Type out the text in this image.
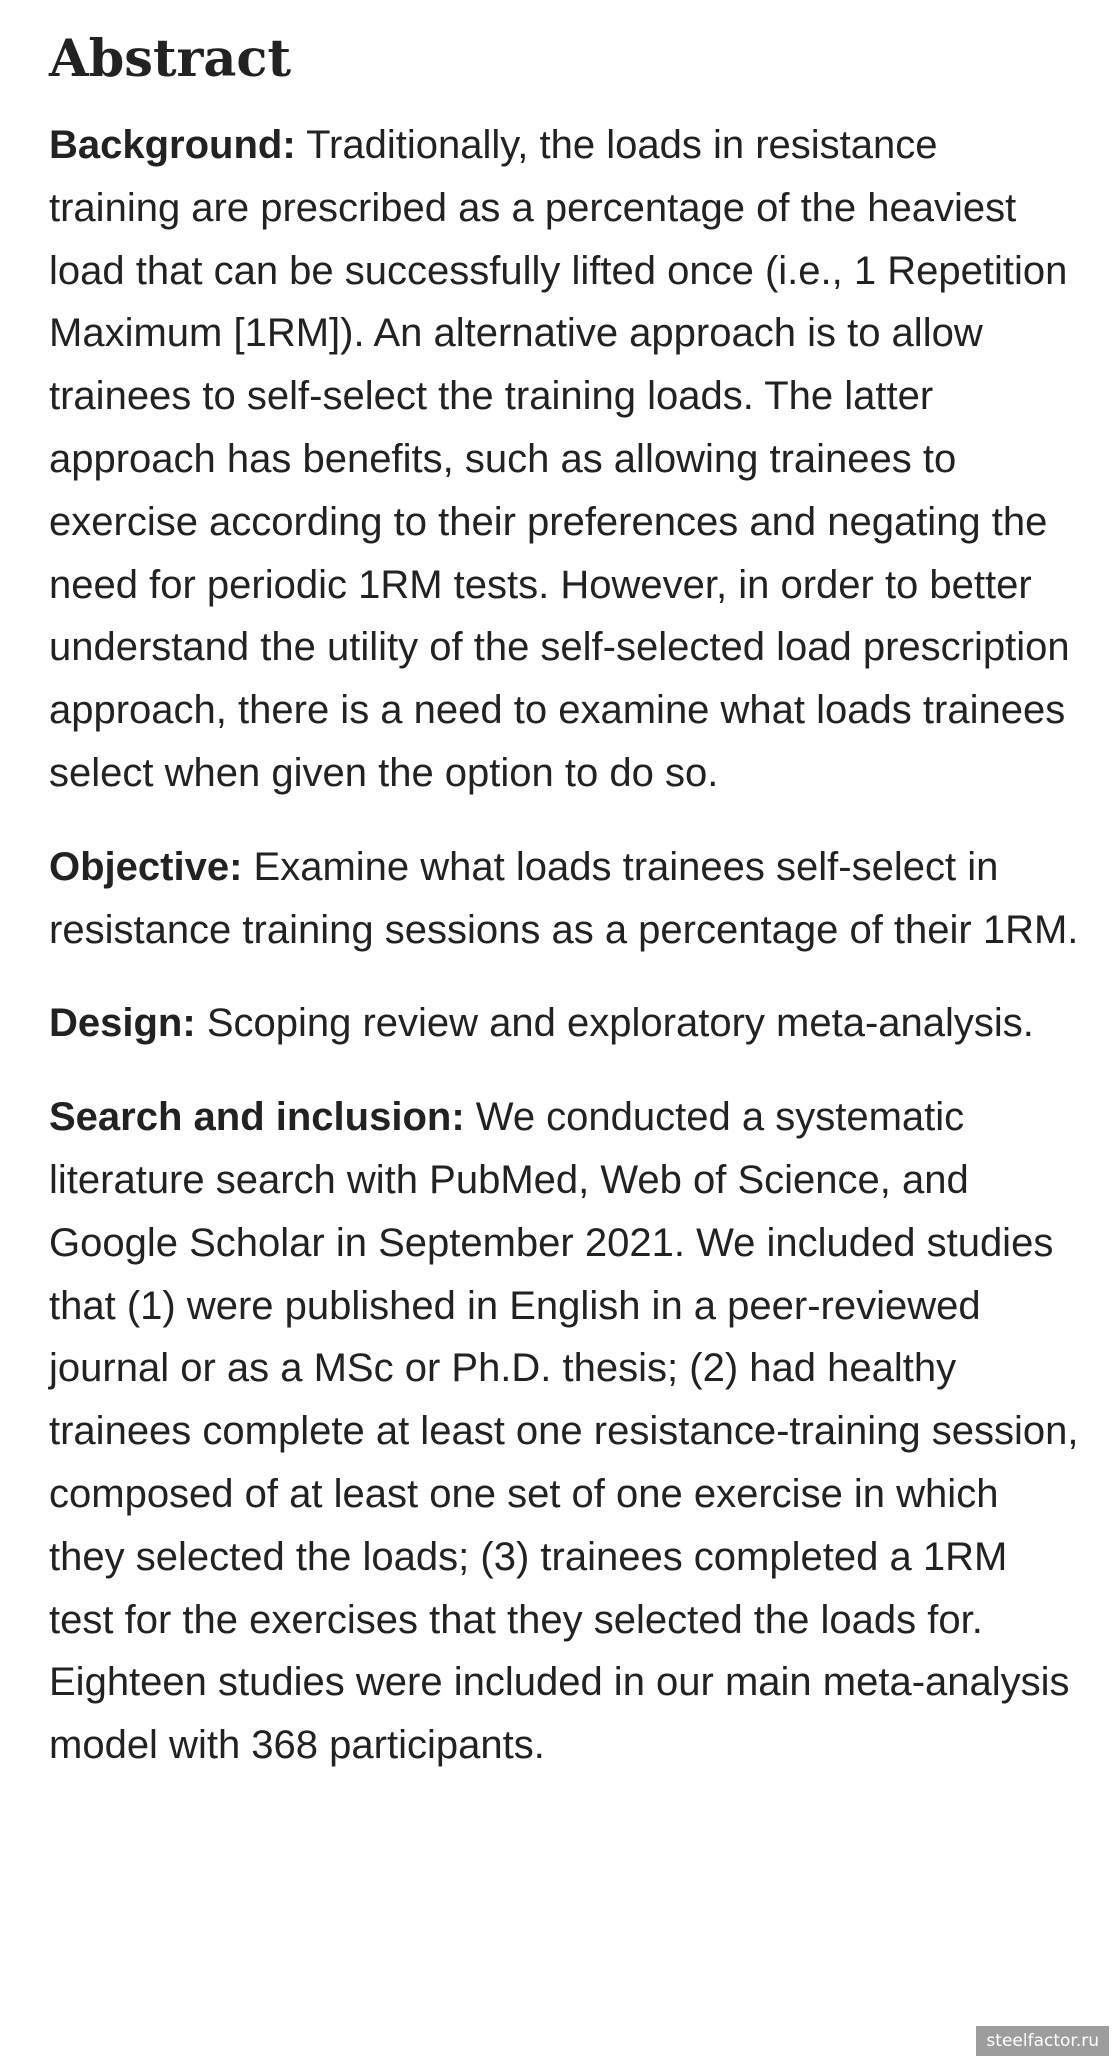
Abstract

Background: Traditionally, the loads in resistance training are prescribed as a percentage of the heaviest load that can be successfully lifted once (i.e., 1 Repetition Maximum [1RM]). An alternative approach is to allow trainees to self-select the training loads. The latter approach has benefits, such as allowing trainees to exercise according to their preferences and negating the need for periodic 1RM tests. However, in order to better understand the utility of the self-selected load prescription approach, there is a need to examine what loads trainees select when given the option to do so.

Objective: Examine what loads trainees self-select in resistance training sessions as a percentage of their 1RM.

Design: Scoping review and exploratory meta-analysis.

Search and inclusion: We conducted a systematic literature search with PubMed, Web of Science, and Google Scholar in September 2021. We included studies that (1) were published in English in a peer-reviewed journal or as a MSc or Ph.D. thesis; (2) had healthy trainees complete at least one resistance-training session, composed of at least one set of one exercise in which they selected the loads; (3) trainees completed a 1RM test for the exercises that they selected the loads for. Eighteen studies were included in our main meta-analysis model with 368 participants.

steelfactor.ru
